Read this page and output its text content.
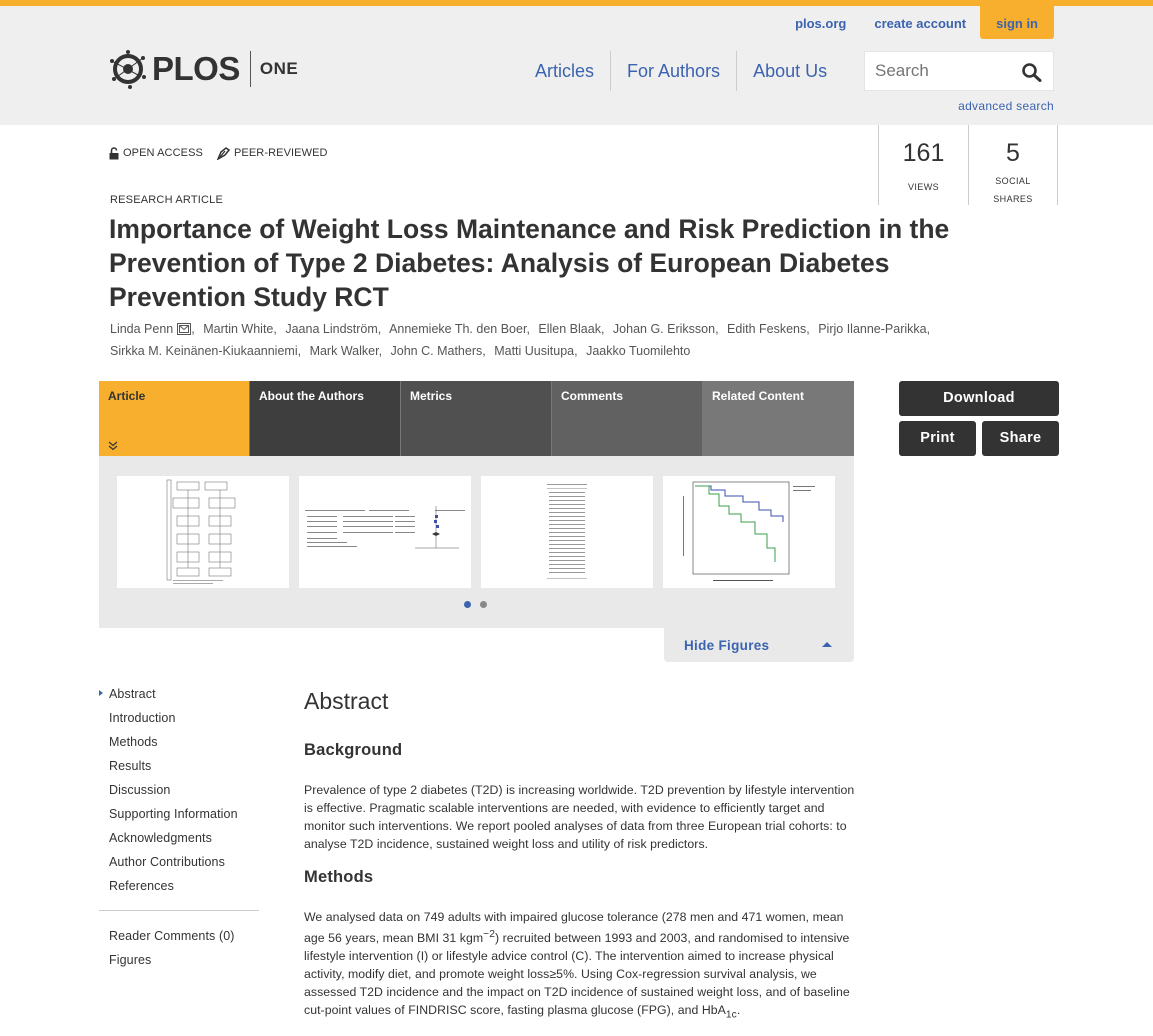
plos.org	create account	sign in
PLOS ONE	Articles	For Authors	About Us
Search
advanced search
OPEN ACCESS	PEER-REVIEWED	161
VIEWS
5
SOCIAL
SHARES
RESEARCH ARTICLE
Importance of Weight Loss Maintenance and Risk Prediction in the Prevention of Type 2 Diabetes: Analysis of European Diabetes Prevention Study RCT
Linda Penn , Martin White, Jaana Lindström, Annemieke Th. den Boer, Ellen Blaak, Johan G. Eriksson, Edith Feskens, Pirjo Ilanne-Parikka,
Sirkka M. Keinänen-Kiukaanniemi, Mark Walker, John C. Mathers, Matti Uusitupa, Jaakko Tuomilehto
Article	About the Authors	Metrics	Comments	Related Content	Download
Print	Share
Hide Figures
Abstract
Introduction
Methods
Results
Discussion
Supporting Information
Acknowledgments
Author Contributions
References
Reader Comments (0)
Figures
Abstract
Background

Prevalence of type 2 diabetes (T2D) is increasing worldwide. T2D prevention by lifestyle intervention is effective. Pragmatic scalable interventions are needed, with evidence to efficiently target and monitor such interventions. We report pooled analyses of data from three European trial cohorts: to analyse T2D incidence, sustained weight loss and utility of risk predictors.

Methods

We analysed data on 749 adults with impaired glucose tolerance (278 men and 471 women, mean age 56 years, mean BMI 31 kgm$^{-2}$) recruited between 1993 and 2003, and randomised to intensive lifestyle intervention (I) or lifestyle advice control (C). The intervention aimed to increase physical activity, modify diet, and promote weight loss≥5%. Using Cox-regression survival analysis, we assessed T2D incidence and the impact on T2D incidence of sustained weight loss, and of baseline cut-point values of FINDRISC score, fasting plasma glucose (FPG), and HbA$_{1c}$.
